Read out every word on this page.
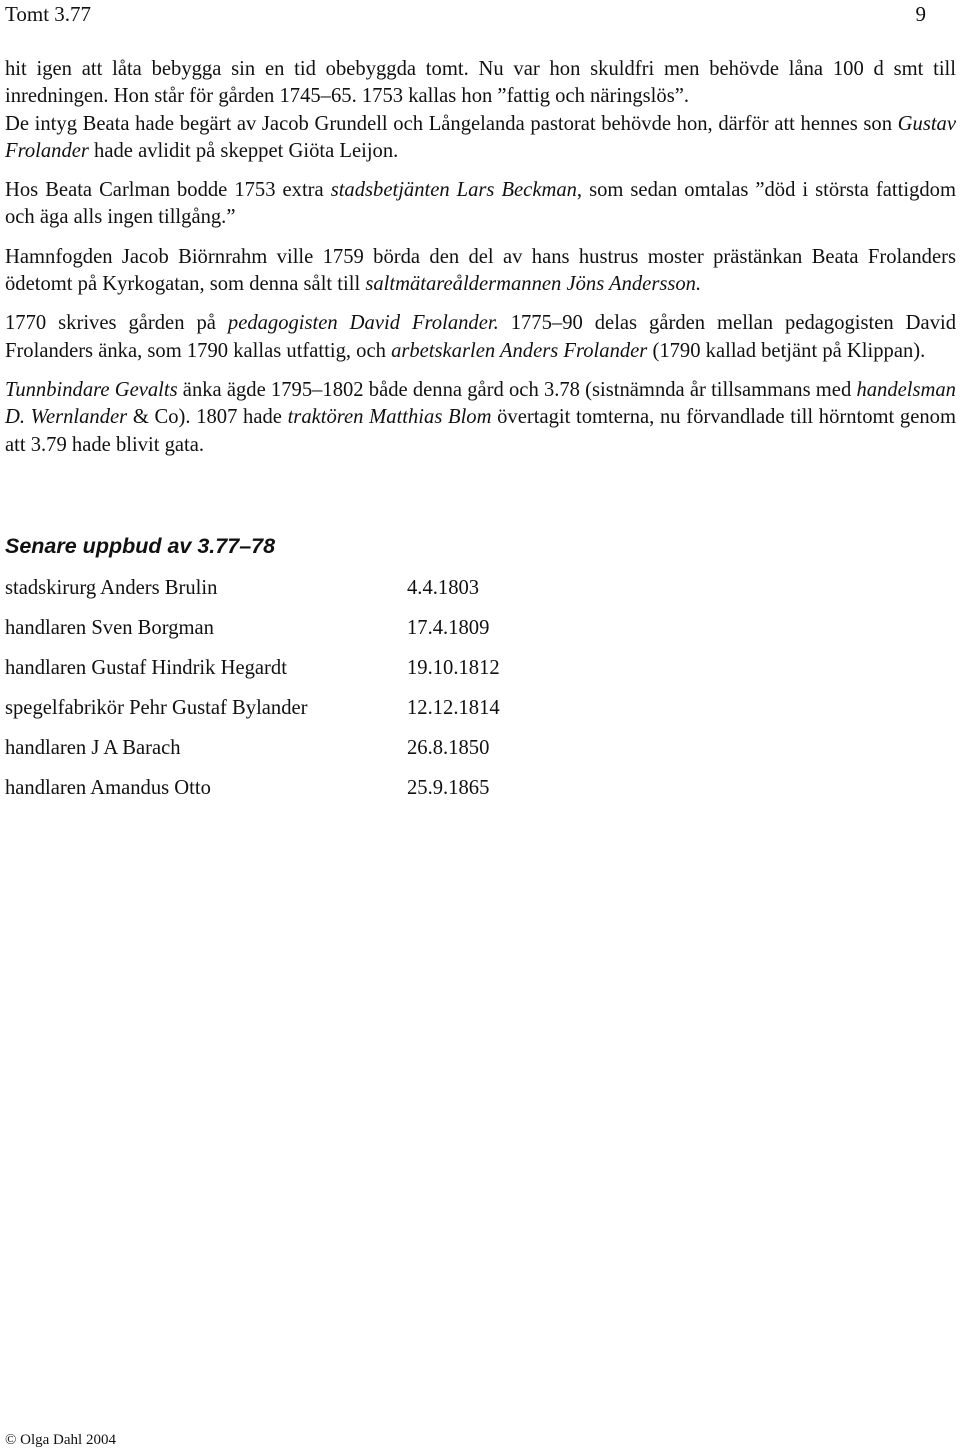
Tomt 3.77	9

hit igen att låta bebygga sin en tid obebyggda tomt. Nu var hon skuldfri men behövde låna 100 d smt till inredningen. Hon står för gården 1745–65. 1753 kallas hon ”fattig och näringslös”.

De intyg Beata hade begärt av Jacob Grundell och Långelanda pastorat behövde hon, därför att hennes son Gustav Frolander hade avlidit på skeppet Giöta Leijon.

Hos Beata Carlman bodde 1753 extra stadsbetjänten Lars Beckman, som sedan omtalas ”död i största fattigdom och äga alls ingen tillgång.”

Hamnfogden Jacob Biörnrahm ville 1759 börda den del av hans hustrus moster prästänkan Beata Frolanders ödetomt på Kyrkogatan, som denna sålt till saltmätareåldermannen Jöns Andersson.

1770 skrives gården på pedagogisten David Frolander. 1775–90 delas gården mellan pedagogisten David Frolanders änka, som 1790 kallas utfattig, och arbetskarlen Anders Frolander (1790 kallad betjänt på Klippan).

Tunnbindare Gevalts änka ägde 1795–1802 både denna gård och 3.78 (sistnämnda år tillsammans med handelsman D. Wernlander & Co). 1807 hade traktören Matthias Blom övertagit tomterna, nu förvandlade till hörntomt genom att 3.79 hade blivit gata.

Senare uppbud av 3.77–78
stadskirurg Anders Brulin	4.4.1803
handlaren Sven Borgman	17.4.1809
handlaren Gustaf Hindrik Hegardt	19.10.1812
spegelfabrikör Pehr Gustaf Bylander	12.12.1814
handlaren J A Barach	26.8.1850
handlaren Amandus Otto	25.9.1865
© Olga Dahl 2004
